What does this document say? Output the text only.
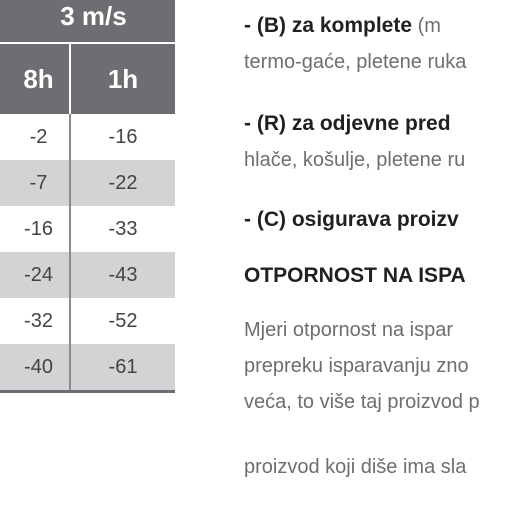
3 m/s
8h	1h
-2	-16
-7	-22
-16	-33
-24	-43
-32	-52
-40	-61
- (B) za komplete (m
termo-gaće, pletene ruka
- (R) za odjevne pred
hlače, košulje, pletene ru
- (C) osigurava proizv
OTPORNOST NA ISPA
Mjeri otpornost na ispar
prepreku isparavanju zno
veća, to više taj proizvod p
proizvod koji diše ima sla
